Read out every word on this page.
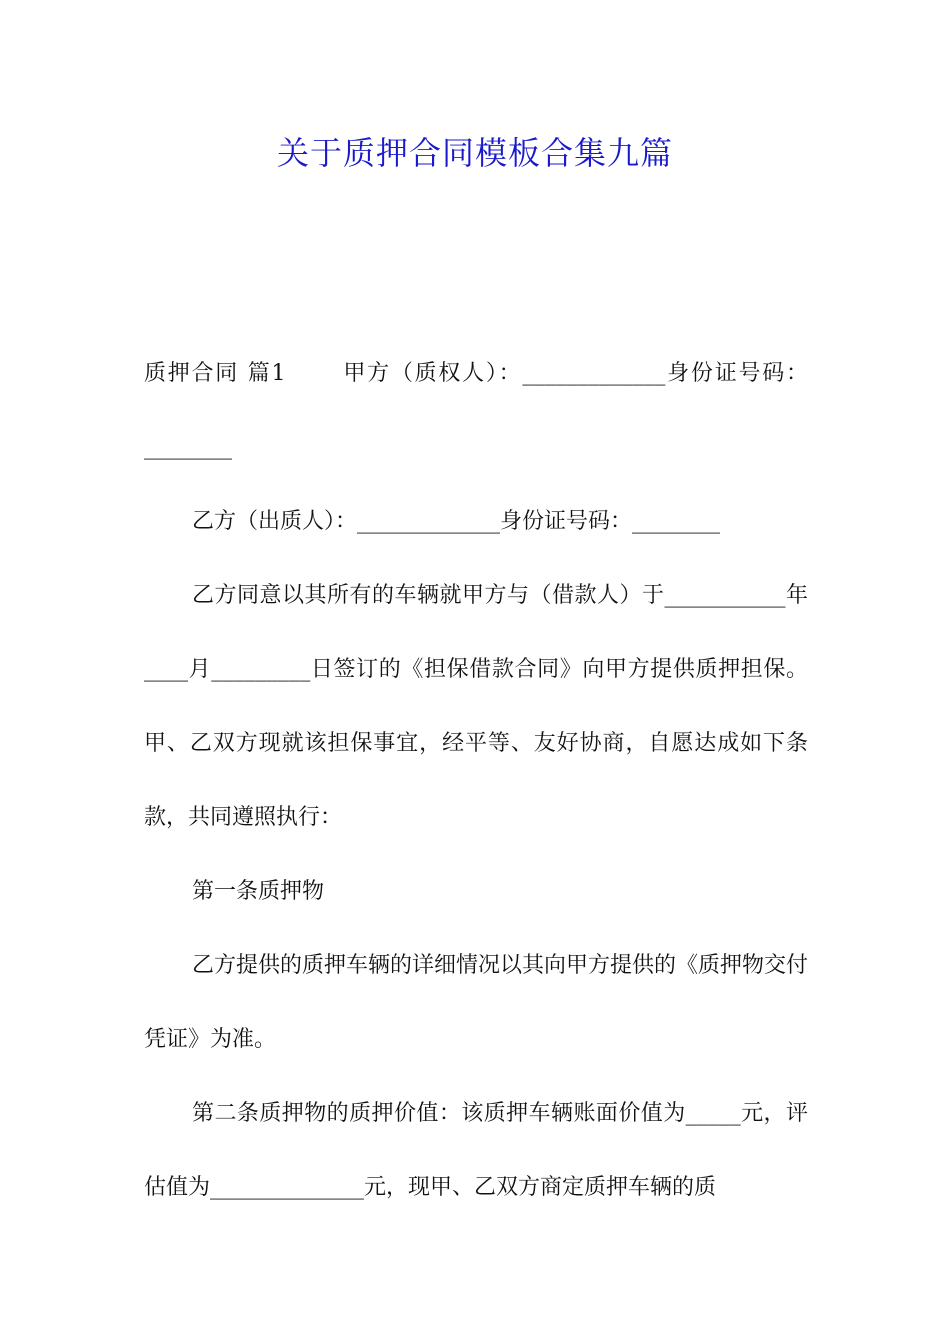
关于质押合同模板合集九篇

质押合同 篇1	甲方（质权人）：_____________身份证号码：________

乙方（出质人）：_____________身份证号码：________

乙方同意以其所有的车辆就甲方与（借款人）于___________年____月_________日签订的《担保借款合同》向甲方提供质押担保。甲、乙双方现就该担保事宜，经平等、友好协商，自愿达成如下条款，共同遵照执行：

第一条质押物

乙方提供的质押车辆的详细情况以其向甲方提供的《质押物交付凭证》为准。

第二条质押物的质押价值：该质押车辆账面价值为_____元，评估值为______________元，现甲、乙双方商定质押车辆的质
